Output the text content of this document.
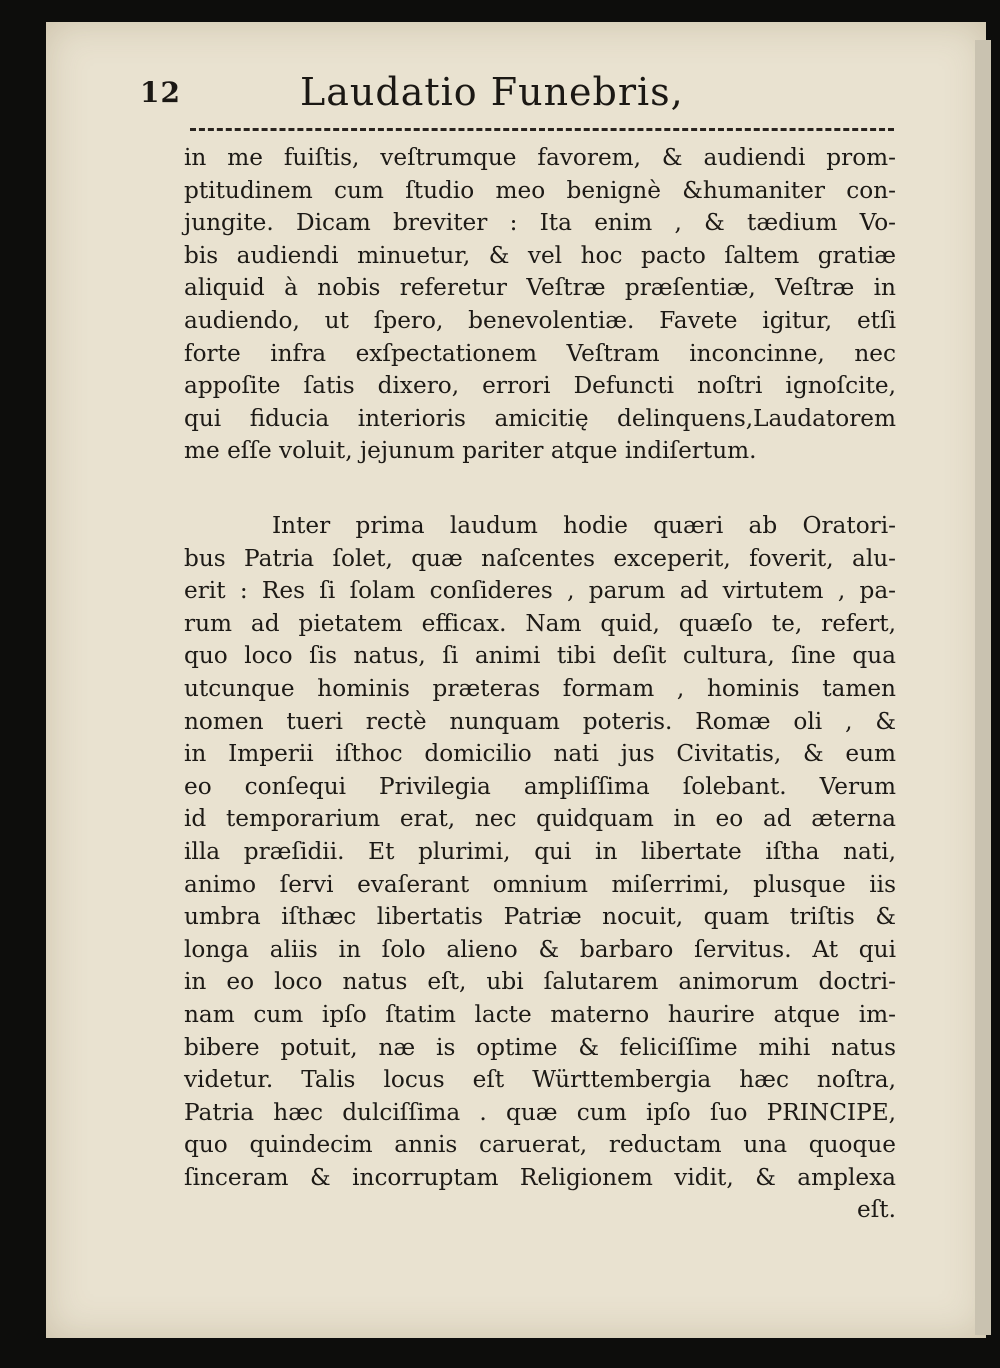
12	Laudatio Funebris,
in me fuiſtis, veſtrumque favorem, & audiendi prom-
ptitudinem cum ſtudio meo benignè &humaniter con-
jungite. Dicam breviter : Ita enim , & tædium Vo-
bis audiendi minuetur, & vel hoc pacto ſaltem gratiæ
aliquid à nobis referetur Veſtræ præſentiæ, Veſtræ in
audiendo, ut ſpero, benevolentiæ. Favete igitur, etſi
forte infra exſpectationem Veſtram inconcinne, nec
appoſite ſatis dixero, errori Defuncti noſtri ignoſcite,
qui fiducia interioris amicitię delinquens,Laudatorem
me eſſe voluit, jejunum pariter atque indiſertum.
Inter prima laudum hodie quæri ab Oratori-
bus Patria ſolet, quæ naſcentes exceperit, foverit, alu-
erit : Res ſi ſolam conſideres , parum ad virtutem , pa-
rum ad pietatem efficax. Nam quid, quæſo te, refert,
quo loco ſis natus, ſi animi tibi deſit cultura, ſine qua
utcunque hominis præteras formam , hominis tamen
nomen tueri rectè nunquam poteris. Romæ oli , &
in Imperii iſthoc domicilio nati jus Civitatis, & eum
eo conſequi Privilegia ampliſſima ſolebant. Verum
id temporarium erat, nec quidquam in eo ad æterna
illa præſidii. Et plurimi, qui in libertate iſtha nati,
animo ſervi evaſerant omnium miſerrimi, plusque iis
umbra iſthæc libertatis Patriæ nocuit, quam triſtis &
longa aliis in ſolo alieno & barbaro ſervitus. At qui
in eo loco natus eſt, ubi ſalutarem animorum doctri-
nam cum ipſo ſtatim lacte materno haurire atque im-
bibere potuit, næ is optime & feliciſſime mihi natus
videtur. Talis locus eſt Württembergia hæc noſtra,
Patria hæc dulciſſima . quæ cum ipſo ſuo PRINCIPE,
quo quindecim annis caruerat, reductam una quoque
ſinceram & incorruptam Religionem vidit, & amplexa
eſt.
